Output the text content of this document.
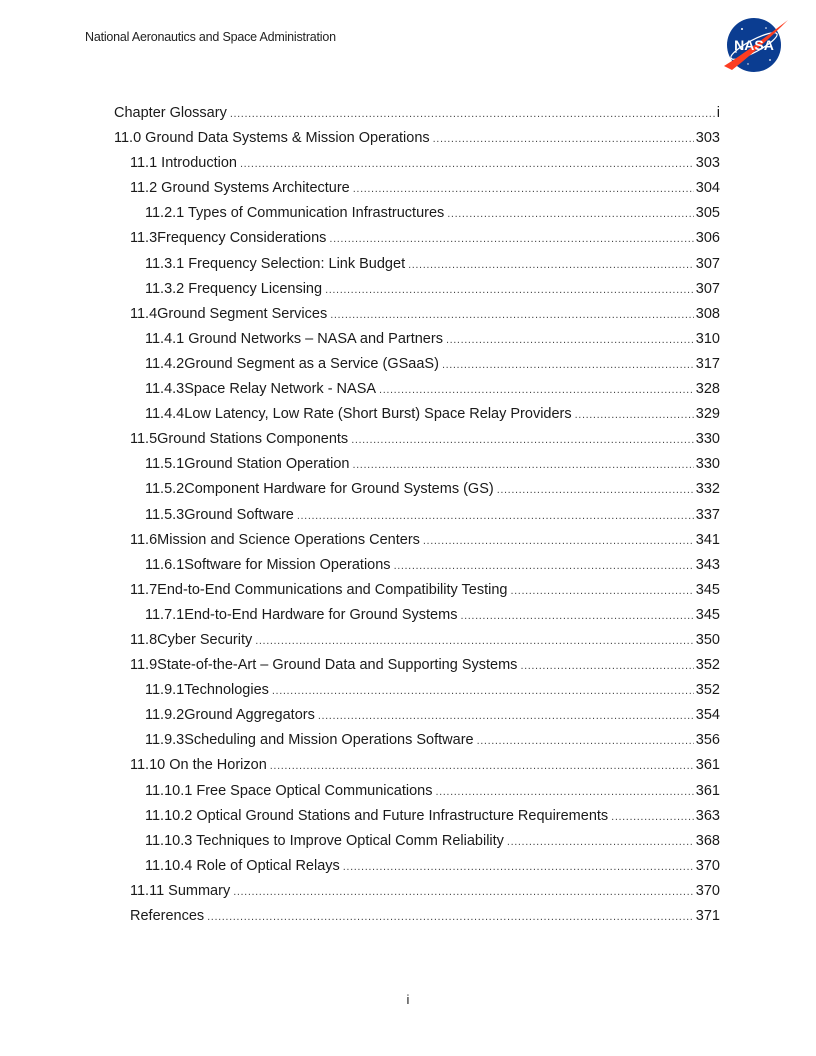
National Aeronautics and Space Administration	NASA
Chapter Glossary .....	i
11.0 Ground Data Systems & Mission Operations .....	303
11.1 Introduction .....	303
11.2 Ground Systems Architecture .....	304
11.2.1 Types of Communication Infrastructures .....	305
11.3 Frequency Considerations .....	306
11.3.1 Frequency Selection: Link Budget .....	307
11.3.2 Frequency Licensing .....	307
11.4 Ground Segment Services .....	308
11.4.1 Ground Networks – NASA and Partners .....	310
11.4.2 Ground Segment as a Service (GSaaS) .....	317
11.4.3 Space Relay Network - NASA .....	328
11.4.4 Low Latency, Low Rate (Short Burst) Space Relay Providers .....	329
11.5 Ground Stations Components .....	330
11.5.1 Ground Station Operation .....	330
11.5.2 Component Hardware for Ground Systems (GS) .....	332
11.5.3 Ground Software .....	337
11.6 Mission and Science Operations Centers .....	341
11.6.1 Software for Mission Operations .....	343
11.7 End-to-End Communications and Compatibility Testing .....	345
11.7.1 End-to-End Hardware for Ground Systems .....	345
11.8 Cyber Security .....	350
11.9 State-of-the-Art – Ground Data and Supporting Systems .....	352
11.9.1 Technologies .....	352
11.9.2 Ground Aggregators .....	354
11.9.3 Scheduling and Mission Operations Software .....	356
11.10 On the Horizon .....	361
11.10.1 Free Space Optical Communications .....	361
11.10.2 Optical Ground Stations and Future Infrastructure Requirements .....	363
11.10.3 Techniques to Improve Optical Comm Reliability .....	368
11.10.4 Role of Optical Relays .....	370
11.11 Summary .....	370
References .....	371
i
